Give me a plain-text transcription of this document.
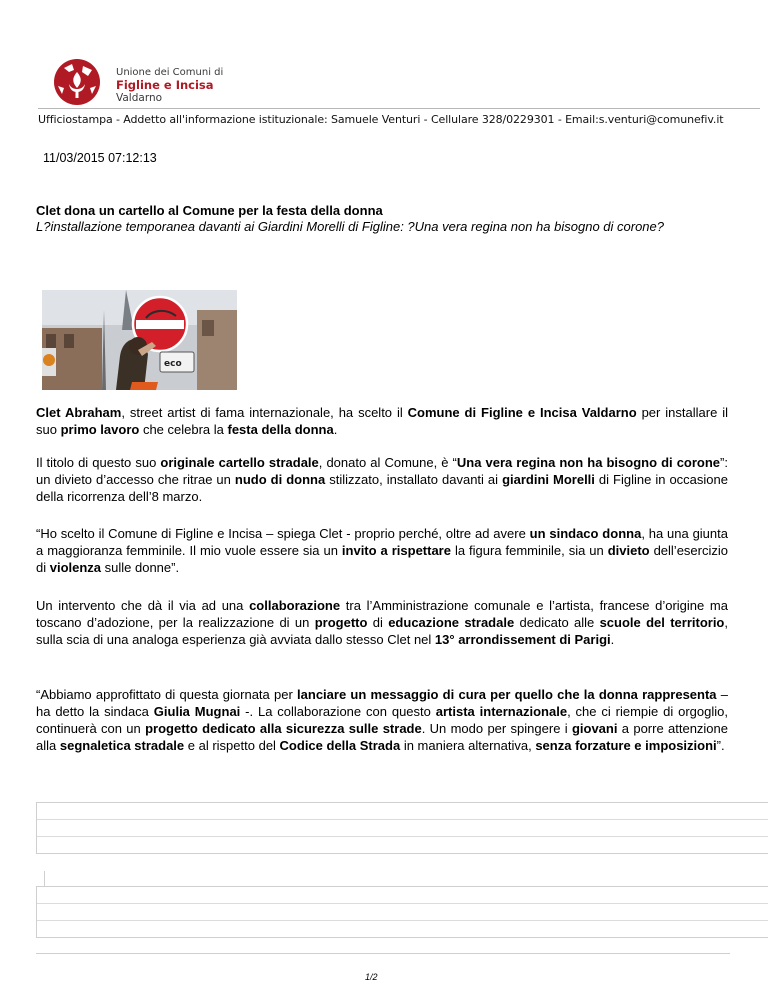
Unione dei Comuni di
Figline e Incisa
Valdarno
Ufficiostampa - Addetto all'informazione istituzionale: Samuele Venturi - Cellulare 328/0229301 - Email:s.venturi@comunefiv.it
11/03/2015 07:12:13
Clet dona un cartello al Comune per la festa della donna
L?installazione temporanea davanti ai Giardini Morelli di Figline: ?Una vera regina non ha bisogno di corone?
eco

Clet Abraham, street artist di fama internazionale, ha scelto il Comune di Figline e Incisa Valdarno per installare il suo primo lavoro che celebra la festa della donna.

Il titolo di questo suo originale cartello stradale, donato al Comune, è “Una vera regina non ha bisogno di corone”: un divieto d’accesso che ritrae un nudo di donna stilizzato, installato davanti ai giardini Morelli di Figline in occasione della ricorrenza dell’8 marzo.

“Ho scelto il Comune di Figline e Incisa – spiega Clet - proprio perché, oltre ad avere un sindaco donna, ha una giunta a maggioranza femminile. Il mio vuole essere sia un invito a rispettare la figura femminile, sia un divieto dell’esercizio di violenza sulle donne”.

Un intervento che dà il via ad una collaborazione tra l’Amministrazione comunale e l’artista, francese d’origine ma toscano d’adozione, per la realizzazione di un progetto di educazione stradale dedicato alle scuole del territorio, sulla scia di una analoga esperienza già avviata dallo stesso Clet nel 13° arrondissement di Parigi.

“Abbiamo approfittato di questa giornata per lanciare un messaggio di cura per quello che la donna rappresenta – ha detto la sindaca Giulia Mugnai -. La collaborazione con questo artista internazionale, che ci riempie di orgoglio, continuerà con un progetto dedicato alla sicurezza sulle strade. Un modo per spingere i giovani a porre attenzione alla segnaletica stradale e al rispetto del Codice della Strada in maniera alternativa, senza forzature e imposizioni”.

1/2
